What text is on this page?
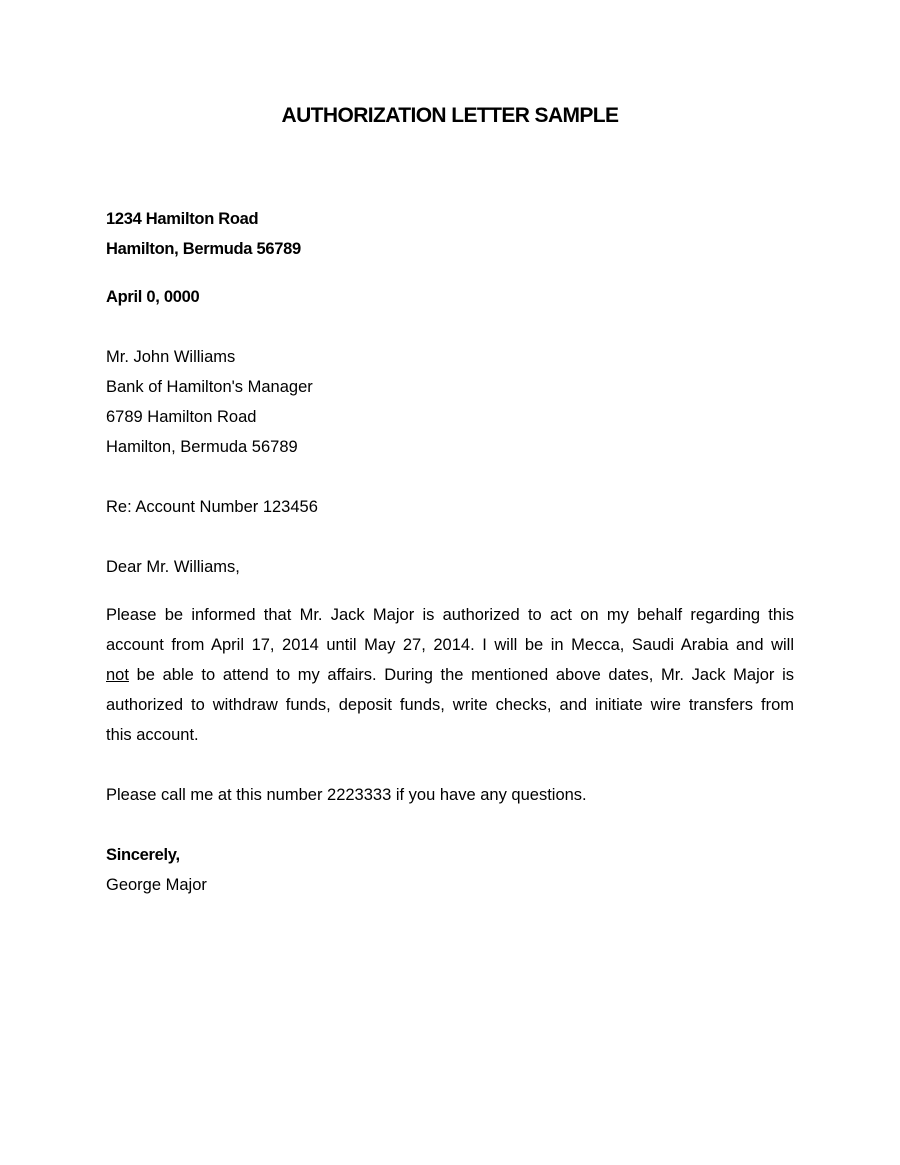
AUTHORIZATION LETTER SAMPLE
1234 Hamilton Road
Hamilton, Bermuda 56789
April 0, 0000
Mr. John Williams
Bank of Hamilton's Manager
6789 Hamilton Road
Hamilton, Bermuda 56789
Re: Account Number 123456
Dear Mr. Williams,
Please be informed that Mr. Jack Major is authorized to act on my behalf regarding this
account from April 17, 2014 until May 27, 2014. I will be in Mecca, Saudi Arabia and will
not be able to attend to my affairs. During the mentioned above dates, Mr. Jack Major is
authorized to withdraw funds, deposit funds, write checks, and initiate wire transfers from
this account.
Please call me at this number 2223333 if you have any questions.
Sincerely,
George Major
